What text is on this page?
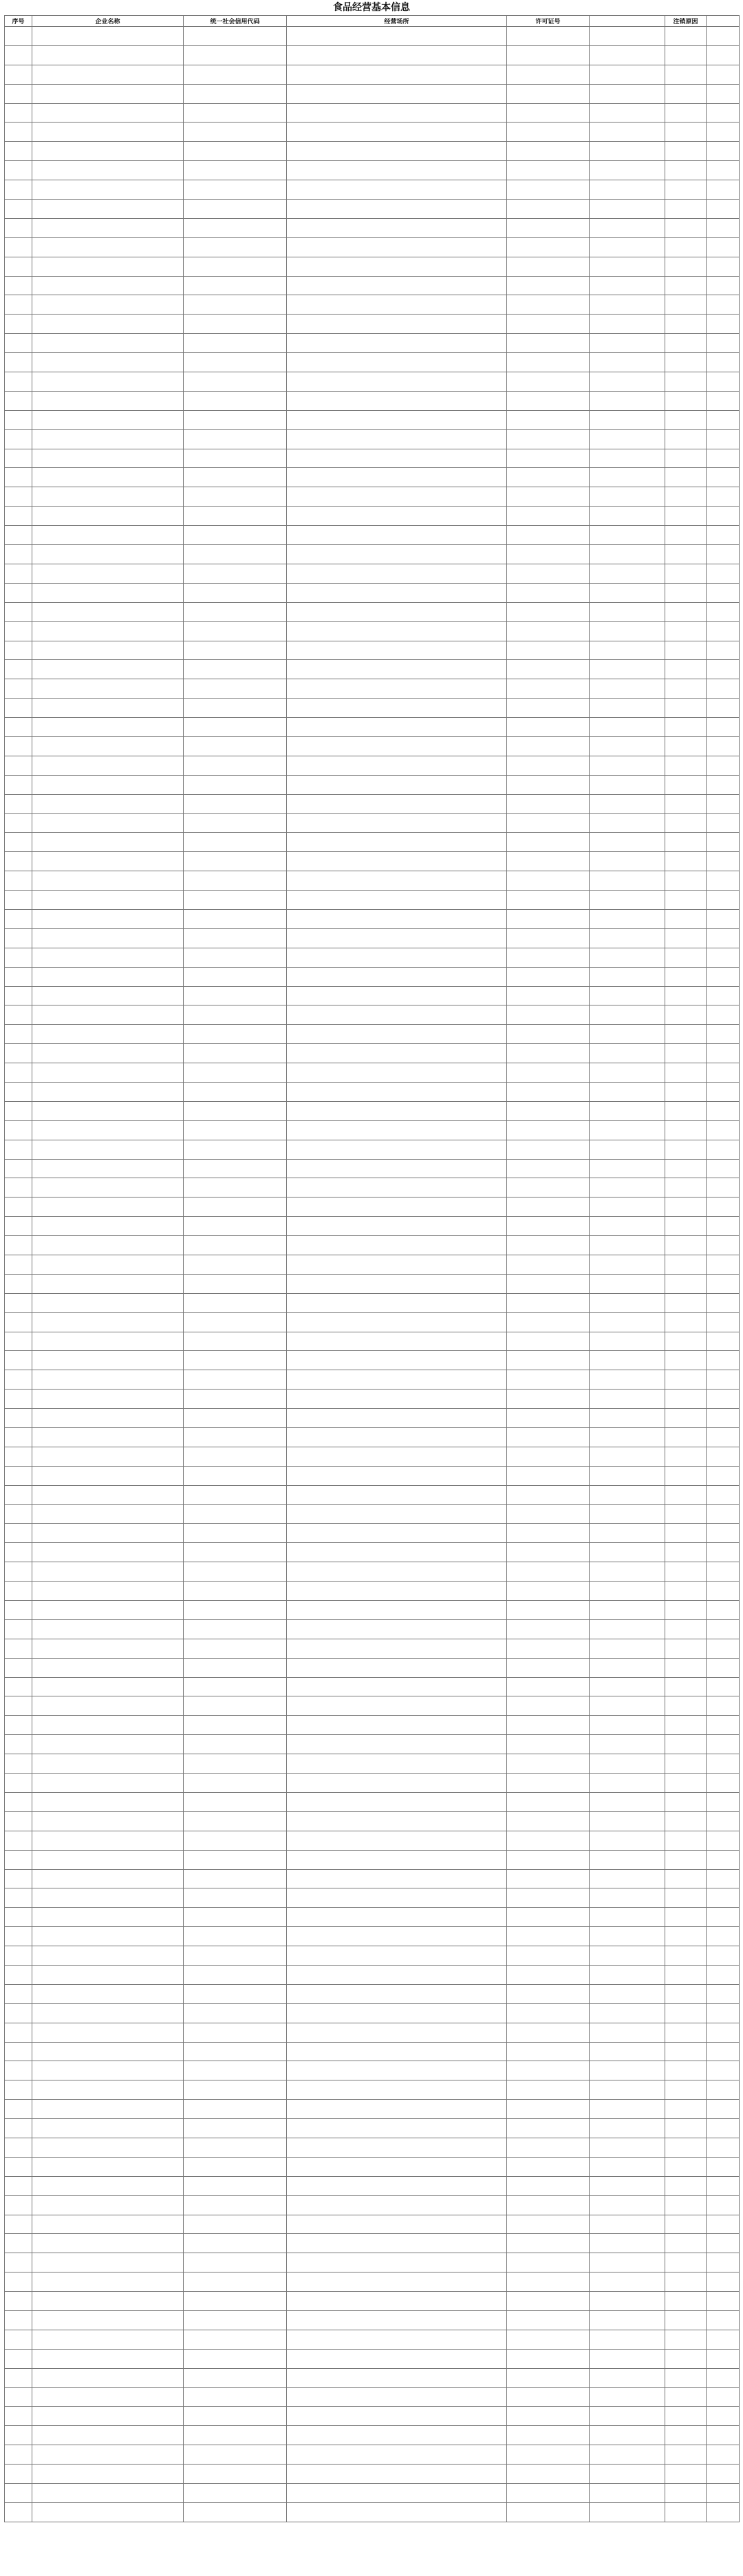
食品经营基本信息
序号	企业名称	统一社会信用代码	经营场所	许可证号		注销原因	
